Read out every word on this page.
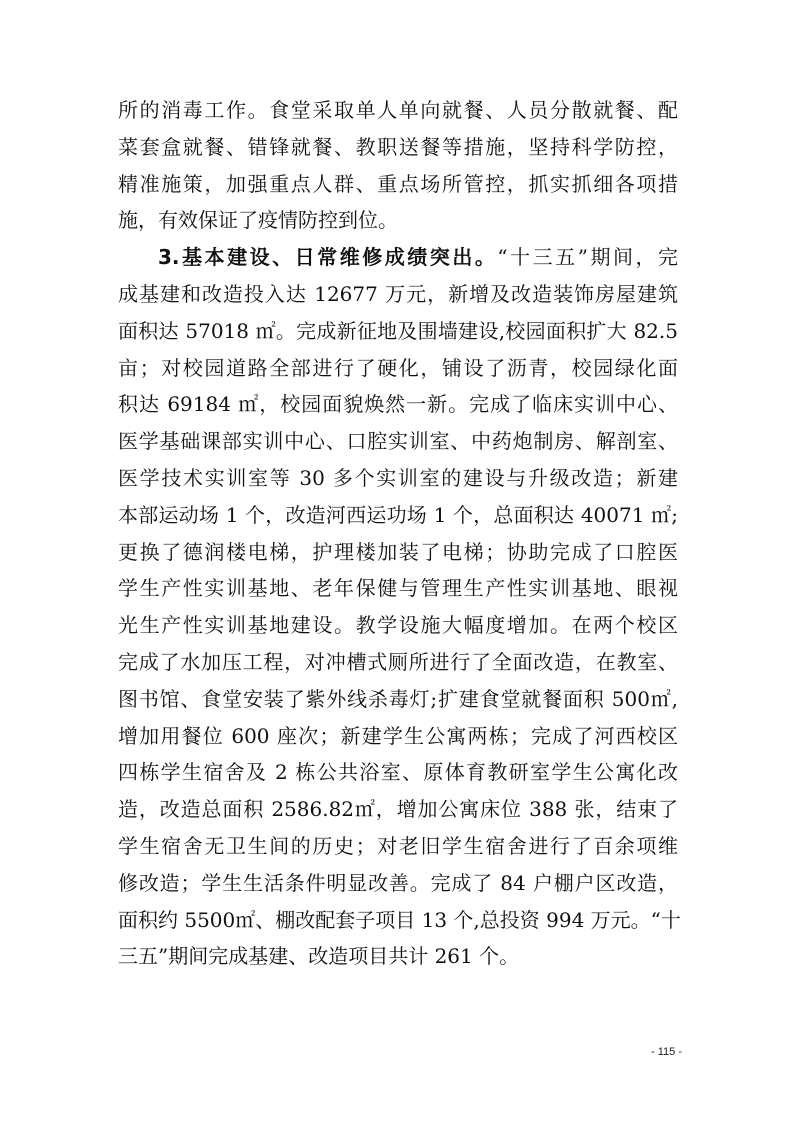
所的消毒工作。食堂采取单人单向就餐、人员分散就餐、配
菜套盒就餐、错锋就餐、教职送餐等措施，坚持科学防控，
精准施策，加强重点人群、重点场所管控，抓实抓细各项措
施，有效保证了疫情防控到位。
3.基本建设、日常维修成绩突出。“十三五”期间，完
成基建和改造投入达 12677 万元，新增及改造装饰房屋建筑
面积达 57018 ㎡。完成新征地及围墙建设,校园面积扩大 82.5
亩；对校园道路全部进行了硬化，铺设了沥青，校园绿化面
积达 69184 ㎡，校园面貌焕然一新。完成了临床实训中心、
医学基础课部实训中心、口腔实训室、中药炮制房、解剖室、
医学技术实训室等 30 多个实训室的建设与升级改造；新建
本部运动场 1 个，改造河西运功场 1 个，总面积达 40071 ㎡;
更换了德润楼电梯，护理楼加装了电梯；协助完成了口腔医
学生产性实训基地、老年保健与管理生产性实训基地、眼视
光生产性实训基地建设。教学设施大幅度增加。在两个校区
完成了水加压工程，对冲槽式厕所进行了全面改造，在教室、
图书馆、食堂安装了紫外线杀毒灯;扩建食堂就餐面积 500㎡,
增加用餐位 600 座次；新建学生公寓两栋；完成了河西校区
四栋学生宿舍及 2 栋公共浴室、原体育教研室学生公寓化改
造，改造总面积 2586.82㎡，增加公寓床位 388 张，结束了
学生宿舍无卫生间的历史；对老旧学生宿舍进行了百余项维
修改造；学生生活条件明显改善。完成了 84 户棚户区改造，
面积约 5500㎡、棚改配套子项目 13 个,总投资 994 万元。“十
三五”期间完成基建、改造项目共计 261 个。
- 115 -
